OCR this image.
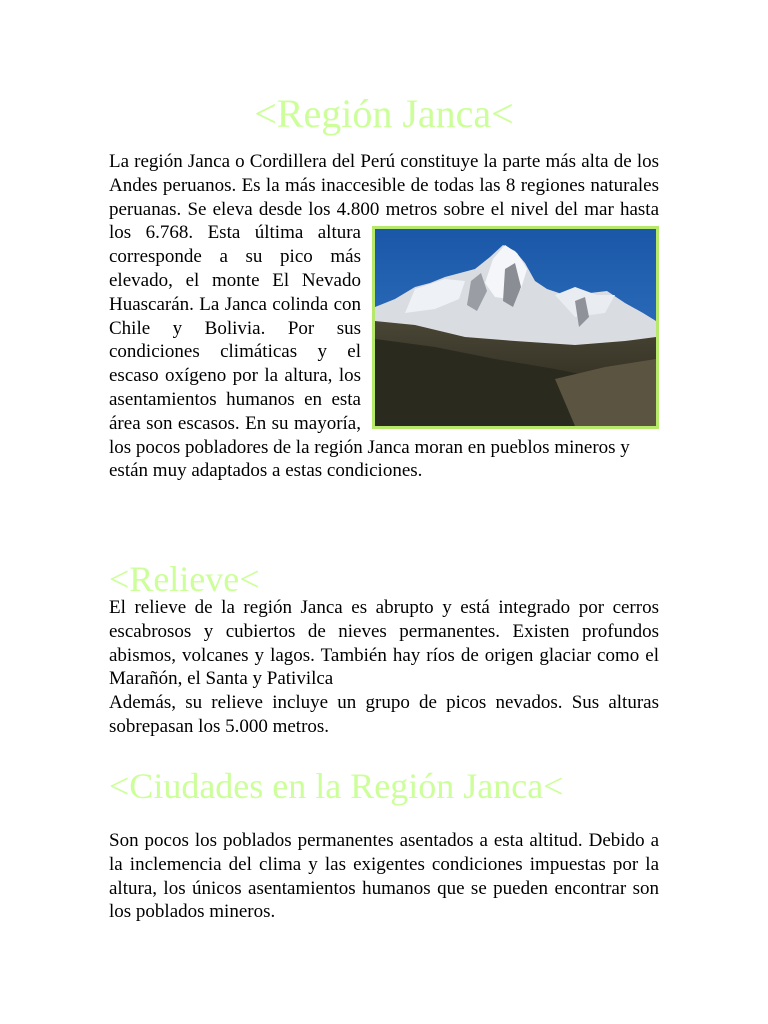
<Región Janca<
La región Janca o Cordillera del Perú constituye la parte más alta de los Andes peruanos. Es la más inaccesible de todas las 8 regiones naturales peruanas. Se eleva desde los 4.800 metros sobre el nivel del mar hasta los 6.768. Esta última altura corresponde a su pico más elevado, el monte El Nevado Huascarán. La Janca colinda con Chile y Bolivia. Por sus condiciones climáticas y el escaso oxígeno por la altura, los asentamientos humanos en esta área son escasos. En su mayoría, los pocos pobladores de la región Janca moran en pueblos mineros y
están muy adaptados a estas condiciones.
<Relieve<
El relieve de la región Janca es abrupto y está integrado por cerros escabrosos y cubiertos de nieves permanentes. Existen profundos abismos, volcanes y lagos. También hay ríos de origen glaciar como el Marañón, el Santa y Pativilca
Además, su relieve incluye un grupo de picos nevados. Sus alturas sobrepasan los 5.000 metros.
<Ciudades en la Región Janca<

Son pocos los poblados permanentes asentados a esta altitud. Debido a la inclemencia del clima y las exigentes condiciones impuestas por la altura, los únicos asentamientos humanos que se pueden encontrar son los poblados mineros.
